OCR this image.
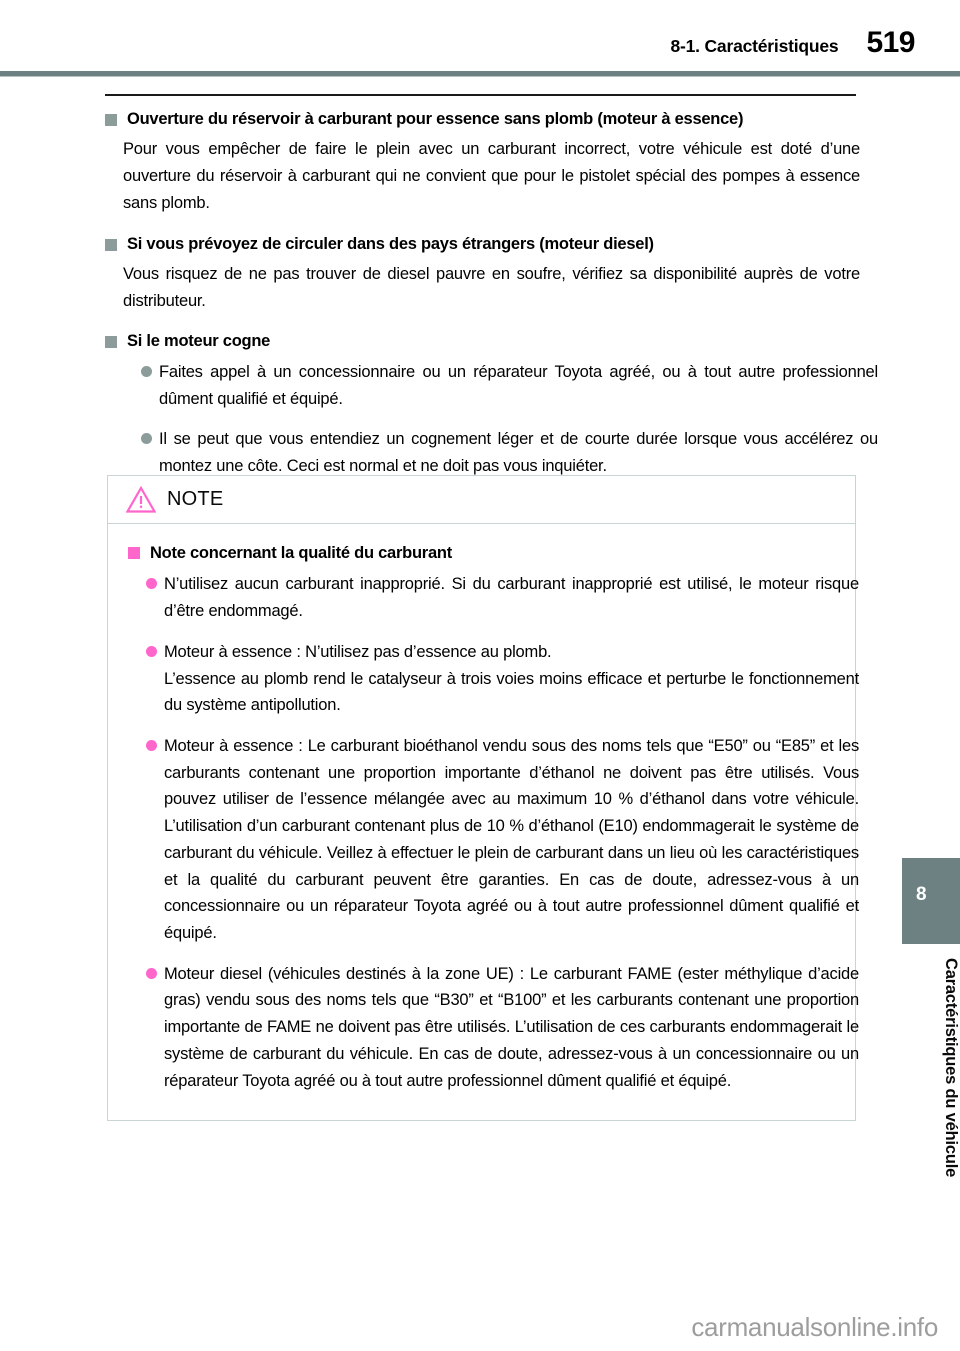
8-1. Caractéristiques 519
Ouverture du réservoir à carburant pour essence sans plomb (moteur à essence)

Pour vous empêcher de faire le plein avec un carburant incorrect, votre véhicule est doté d’une ouverture du réservoir à carburant qui ne convient que pour le pistolet spécial des pompes à essence sans plomb.

Si vous prévoyez de circuler dans des pays étrangers (moteur diesel)

Vous risquez de ne pas trouver de diesel pauvre en soufre, vérifiez sa disponibilité auprès de votre distributeur.

Si le moteur cogne
Faites appel à un concessionnaire ou un réparateur Toyota agréé, ou à tout autre professionnel dûment qualifié et équipé.
Il se peut que vous entendiez un cognement léger et de courte durée lorsque vous accélérez ou montez une côte. Ceci est normal et ne doit pas vous inquiéter.
NOTE
Note concernant la qualité du carburant
N’utilisez aucun carburant inapproprié. Si du carburant inapproprié est utilisé, le moteur risque d’être endommagé.
Moteur à essence : N’utilisez pas d’essence au plomb.
L’essence au plomb rend le catalyseur à trois voies moins efficace et perturbe le fonctionnement du système antipollution.
Moteur à essence : Le carburant bioéthanol vendu sous des noms tels que “E50” ou “E85” et les carburants contenant une proportion importante d’éthanol ne doivent pas être utilisés. Vous pouvez utiliser de l’essence mélangée avec au maximum 10 % d’éthanol dans votre véhicule. L’utilisation d’un carburant contenant plus de 10 % d’éthanol (E10) endommagerait le système de carburant du véhicule. Veillez à effectuer le plein de carburant dans un lieu où les caractéristiques et la qualité du carburant peuvent être garanties. En cas de doute, adressez-vous à un concessionnaire ou un réparateur Toyota agréé ou à tout autre professionnel dûment qualifié et équipé.
Moteur diesel (véhicules destinés à la zone UE) : Le carburant FAME (ester méthylique d’acide gras) vendu sous des noms tels que “B30” et “B100” et les carburants contenant une proportion importante de FAME ne doivent pas être utilisés. L’utilisation de ces carburants endommagerait le système de carburant du véhicule. En cas de doute, adressez-vous à un concessionnaire ou un réparateur Toyota agréé ou à tout autre professionnel dûment qualifié et équipé.
8
Caractéristiques du véhicule
carmanualsonline.info
